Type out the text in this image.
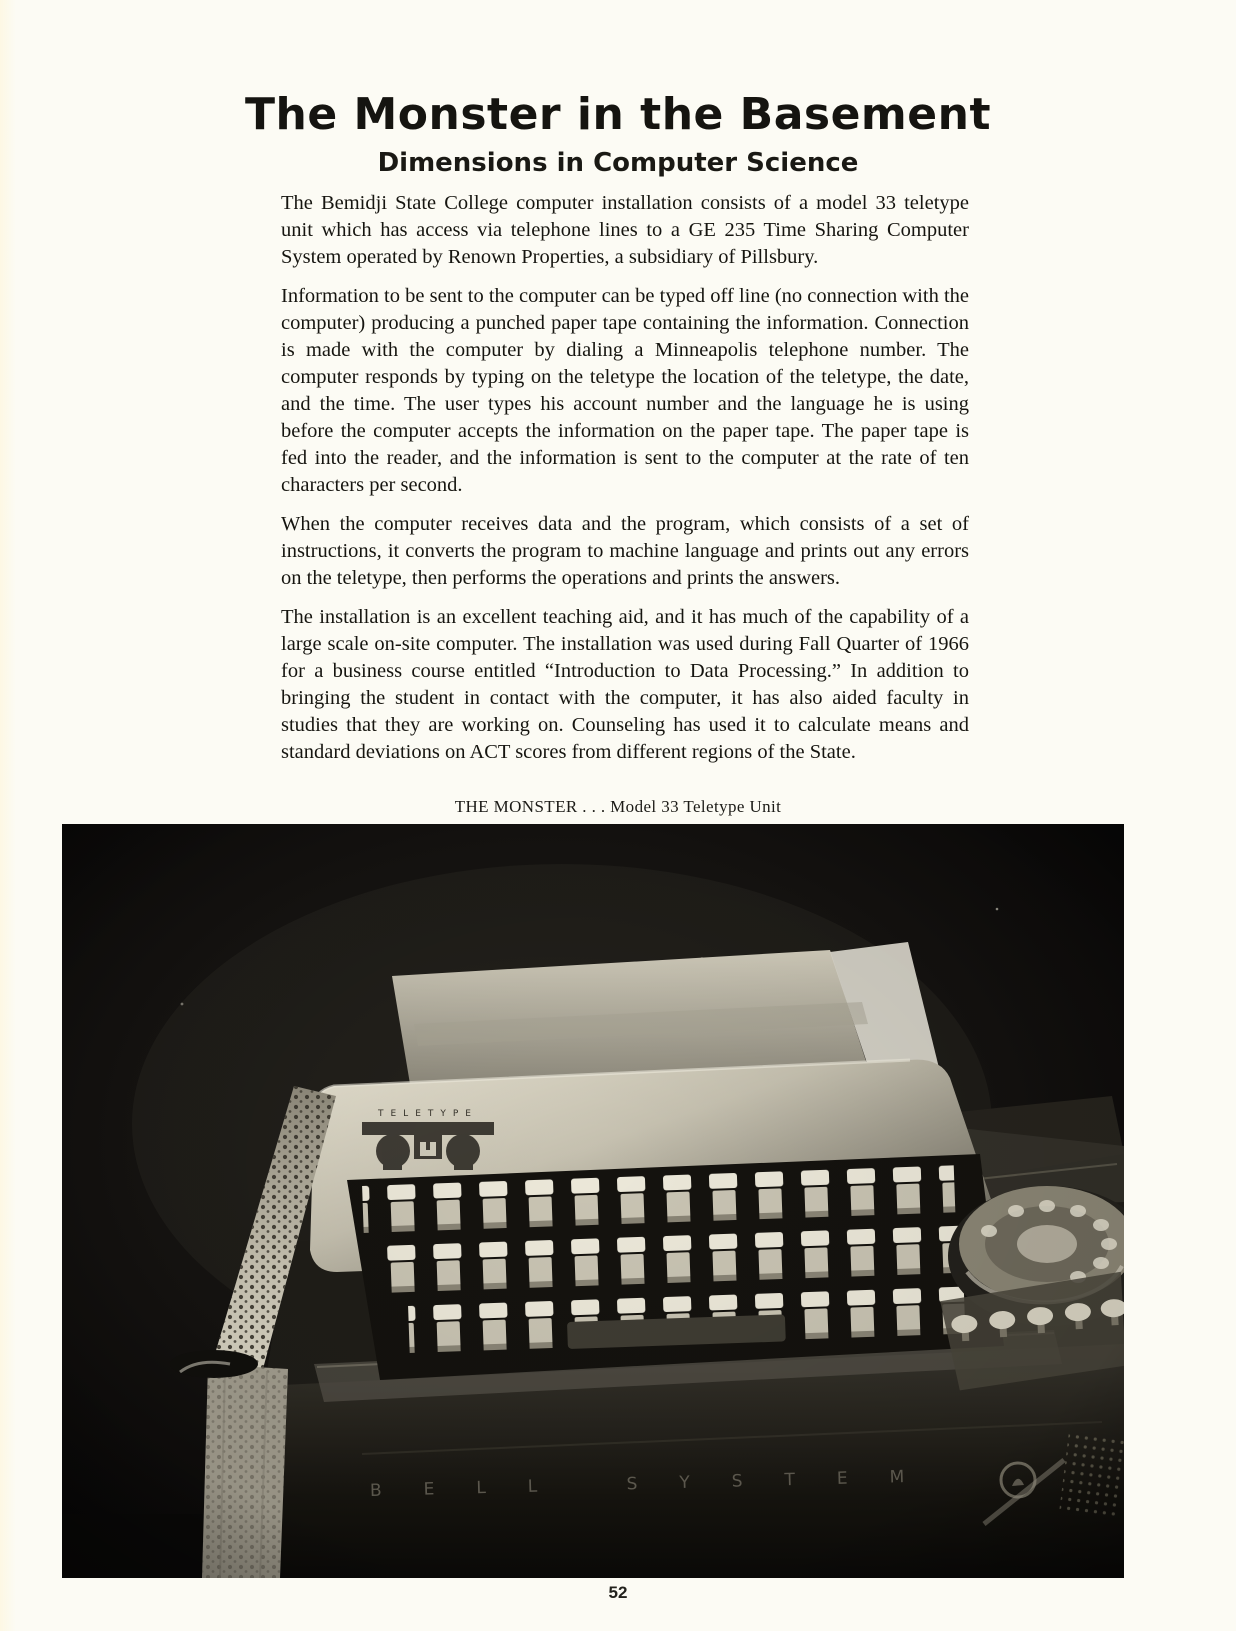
The Monster in the Basement
Dimensions in Computer Science

The Bemidji State College computer installation consists of a model 33 teletype unit which has access via telephone lines to a GE 235 Time Sharing Computer System operated by Renown Properties, a subsidiary of Pillsbury.

Information to be sent to the computer can be typed off line (no connection with the computer) producing a punched paper tape containing the information. Connection is made with the computer by dialing a Minneapolis telephone number. The computer responds by typing on the teletype the location of the teletype, the date, and the time. The user types his account number and the language he is using before the computer accepts the information on the paper tape. The paper tape is fed into the reader, and the information is sent to the computer at the rate of ten characters per second.

When the computer receives data and the program, which consists of a set of instructions, it converts the program to machine language and prints out any errors on the teletype, then performs the operations and prints the answers.

The installation is an excellent teaching aid, and it has much of the capability of a large scale on-site computer. The installation was used during Fall Quarter of 1966 for a business course entitled “Introduction to Data Processing.” In addition to bringing the student in contact with the computer, it has also aided faculty in studies that they are working on. Counseling has used it to calculate means and standard deviations on ACT scores from different regions of the State.

THE MONSTER . . . Model 33 Teletype Unit
52
